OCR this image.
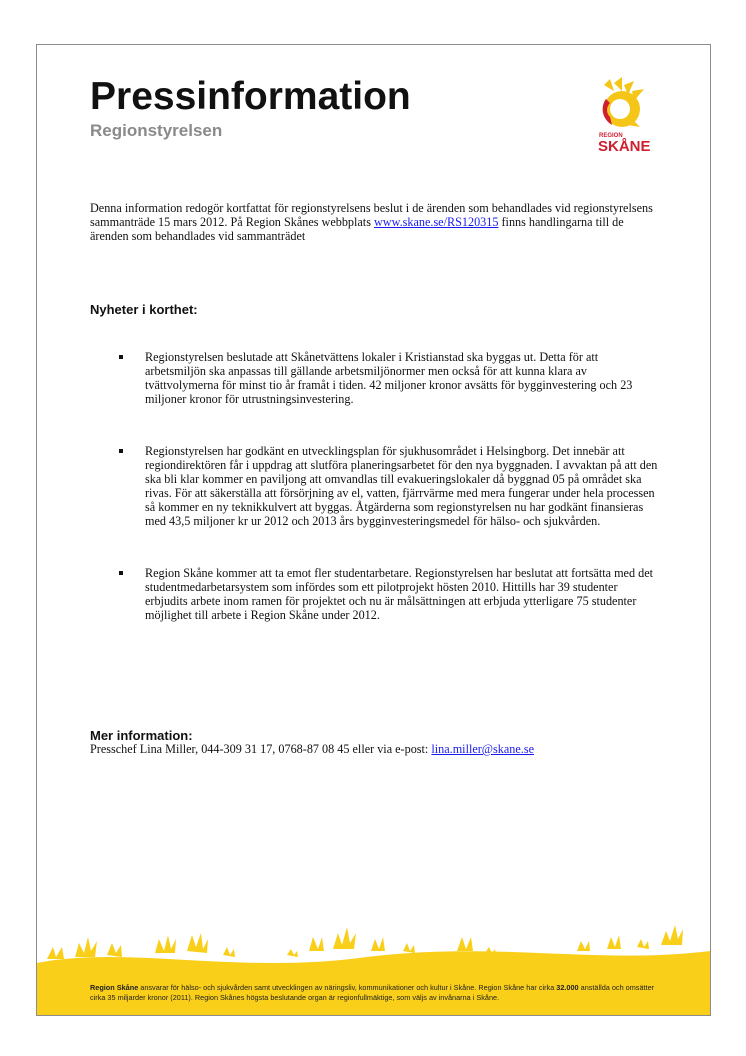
Pressinformation
Regionstyrelsen	REGION
SKÅNE
Denna information redogör kortfattat för regionstyrelsens beslut i de ärenden som behandlades vid regionstyrelsens sammanträde 15 mars 2012. På Region Skånes webbplats www.skane.se/RS120315 finns handlingarna till de ärenden som behandlades vid sammanträdet
Nyheter i korthet:
Regionstyrelsen beslutade att Skånetvättens lokaler i Kristianstad ska byggas ut. Detta för att arbetsmiljön ska anpassas till gällande arbetsmiljönormer men också för att kunna klara av tvättvolymerna för minst tio år framåt i tiden. 42 miljoner kronor avsätts för bygginvestering och 23 miljoner kronor för utrustningsinvestering.
Regionstyrelsen har godkänt en utvecklingsplan för sjukhusområdet i Helsingborg. Det innebär att regiondirektören får i uppdrag att slutföra planeringsarbetet för den nya byggnaden. I avvaktan på att den ska bli klar kommer en paviljong att omvandlas till evakueringslokaler då byggnad 05 på området ska rivas. För att säkerställa att försörjning av el, vatten, fjärrvärme med mera fungerar under hela processen så kommer en ny teknikkulvert att byggas. Åtgärderna som regionstyrelsen nu har godkänt finansieras med 43,5 miljoner kr ur 2012 och 2013 års bygginvesteringsmedel för hälso- och sjukvården.
Region Skåne kommer att ta emot fler studentarbetare. Regionstyrelsen har beslutat att fortsätta med det studentmedarbetarsystem som infördes som ett pilotprojekt hösten 2010. Hittills har 39 studenter erbjudits arbete inom ramen för projektet och nu är målsättningen att erbjuda ytterligare 75 studenter möjlighet till arbete i Region Skåne under 2012.
Mer information:
Presschef Lina Miller, 044-309 31 17, 0768-87 08 45 eller via e-post: lina.miller@skane.se
Region Skåne ansvarar för hälso- och sjukvården samt utvecklingen av näringsliv, kommunikationer och kultur i Skåne. Region Skåne har cirka 32.000 anställda och omsätter cirka 35 miljarder kronor (2011). Region Skånes högsta beslutande organ är regionfullmäktige, som väljs av invånarna i Skåne.
